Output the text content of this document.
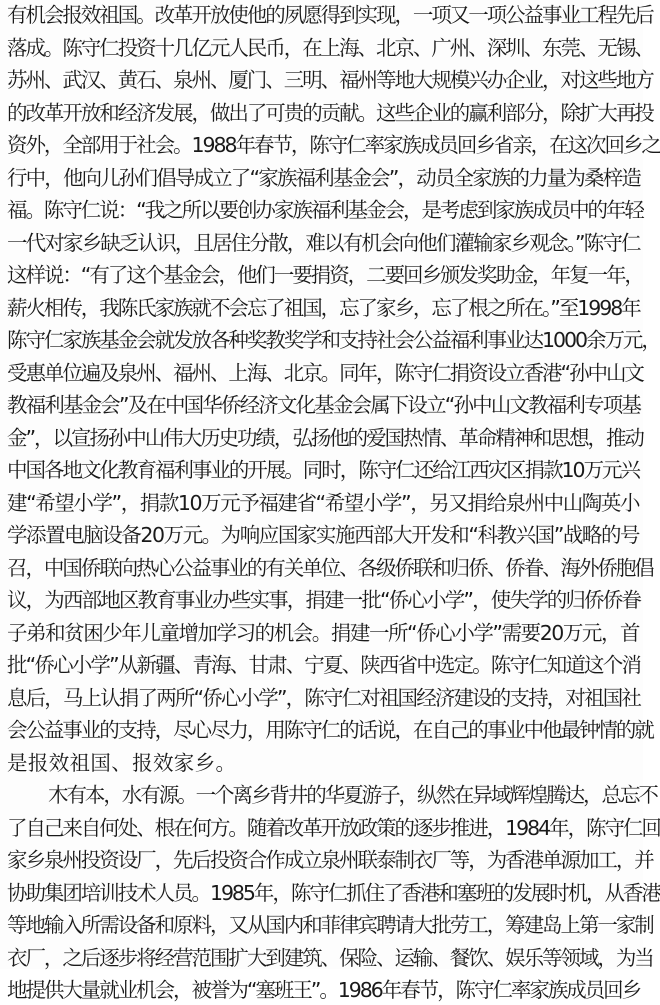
有机会报效祖国。改革开放使他的夙愿得到实现，一项又一项公益事业工程先后
落成。陈守仁投资十几亿元人民币，在上海、北京、广州、深圳、东莞、无锡、
苏州、武汉、黄石、泉州、厦门、三明、福州等地大规模兴办企业，对这些地方
的改革开放和经济发展，做出了可贵的贡献。这些企业的赢利部分，除扩大再投
资外，全部用于社会。1988年春节，陈守仁率家族成员回乡省亲，在这次回乡之
行中，他向儿孙们倡导成立了“家族福利基金会”，动员全家族的力量为桑梓造
福。陈守仁说：“我之所以要创办家族福利基金会，是考虑到家族成员中的年轻
一代对家乡缺乏认识，且居住分散，难以有机会向他们灌输家乡观念。”陈守仁
这样说：“有了这个基金会，他们一要捐资，二要回乡颁发奖助金，年复一年，
薪火相传，我陈氏家族就不会忘了祖国，忘了家乡，忘了根之所在。”至1998年
陈守仁家族基金会就发放各种奖教奖学和支持社会公益福利事业达1000余万元，
受惠单位遍及泉州、福州、上海、北京。同年，陈守仁捐资设立香港“孙中山文
教福利基金会”及在中国华侨经济文化基金会属下设立“孙中山文教福利专项基
金”，以宣扬孙中山伟大历史功绩，弘扬他的爱国热情、革命精神和思想，推动
中国各地文化教育福利事业的开展。同时，陈守仁还给江西灾区捐款10万元兴
建“希望小学”，捐款10万元予福建省“希望小学”，另又捐给泉州中山陶英小
学添置电脑设备20万元。为响应国家实施西部大开发和“科教兴国”战略的号
召，中国侨联向热心公益事业的有关单位、各级侨联和归侨、侨眷、海外侨胞倡
议，为西部地区教育事业办些实事，捐建一批“侨心小学”，使失学的归侨侨眷
子弟和贫困少年儿童增加学习的机会。捐建一所“侨心小学”需要20万元，首
批“侨心小学”从新疆、青海、甘肃、宁夏、陕西省中选定。陈守仁知道这个消
息后，马上认捐了两所“侨心小学”，陈守仁对祖国经济建设的支持，对祖国社
会公益事业的支持，尽心尽力，用陈守仁的话说，在自己的事业中他最钟情的就
是报效祖国、报效家乡。
木有本，水有源。一个离乡背井的华夏游子，纵然在异域辉煌腾达，总忘不
了自己来自何处、根在何方。随着改革开放政策的逐步推进，1984年，陈守仁回
家乡泉州投资设厂，先后投资合作成立泉州联泰制衣厂等，为香港单源加工，并
协助集团培训技术人员。1985年，陈守仁抓住了香港和塞班的发展时机，从香港
等地输入所需设备和原料，又从国内和菲律宾聘请大批劳工，筹建岛上第一家制
衣厂，之后逐步将经营范围扩大到建筑、保险、运输、餐饮、娱乐等领域，为当
地提供大量就业机会，被誉为“塞班王”。1986年春节，陈守仁率家族成员回乡
